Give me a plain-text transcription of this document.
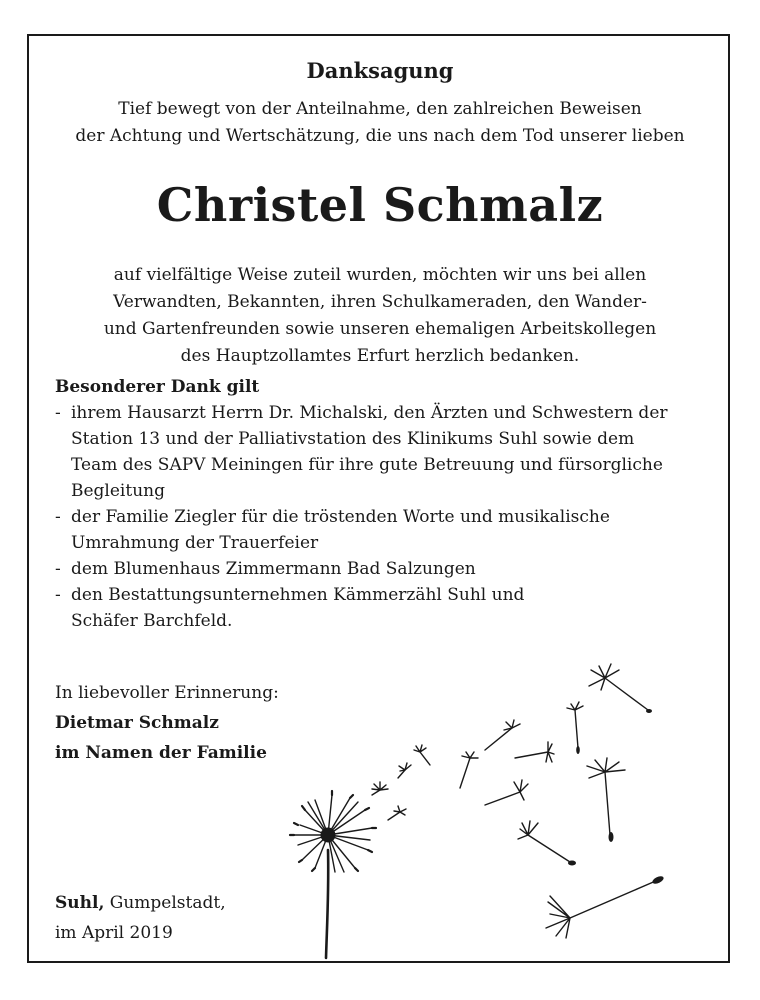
Danksagung
Tief bewegt von der Anteilnahme, den zahlreichen Beweisen
der Achtung und Wertschätzung, die uns nach dem Tod unserer lieben
Christel Schmalz
auf vielfältige Weise zuteil wurden, möchten wir uns bei allen
Verwandten, Bekannten, ihren Schulkameraden, den Wander-
und Gartenfreunden sowie unseren ehemaligen Arbeitskollegen
des Hauptzollamtes Erfurt herzlich bedanken.
Besonderer Dank gilt
- ihrem Hausarzt Herrn Dr. Michalski, den Ärzten und Schwestern der
Station 13 und der Palliativstation des Klinikums Suhl sowie dem
Team des SAPV Meiningen für ihre gute Betreuung und fürsorgliche
Begleitung
- der Familie Ziegler für die tröstenden Worte und musikalische
Umrahmung der Trauerfeier
- dem Blumenhaus Zimmermann Bad Salzungen
- den Bestattungsunternehmen Kämmerzähl Suhl und
Schäfer Barchfeld.
In liebevoller Erinnerung:
Dietmar Schmalz
im Namen der Familie
Suhl, Gumpelstadt,
im April 2019
